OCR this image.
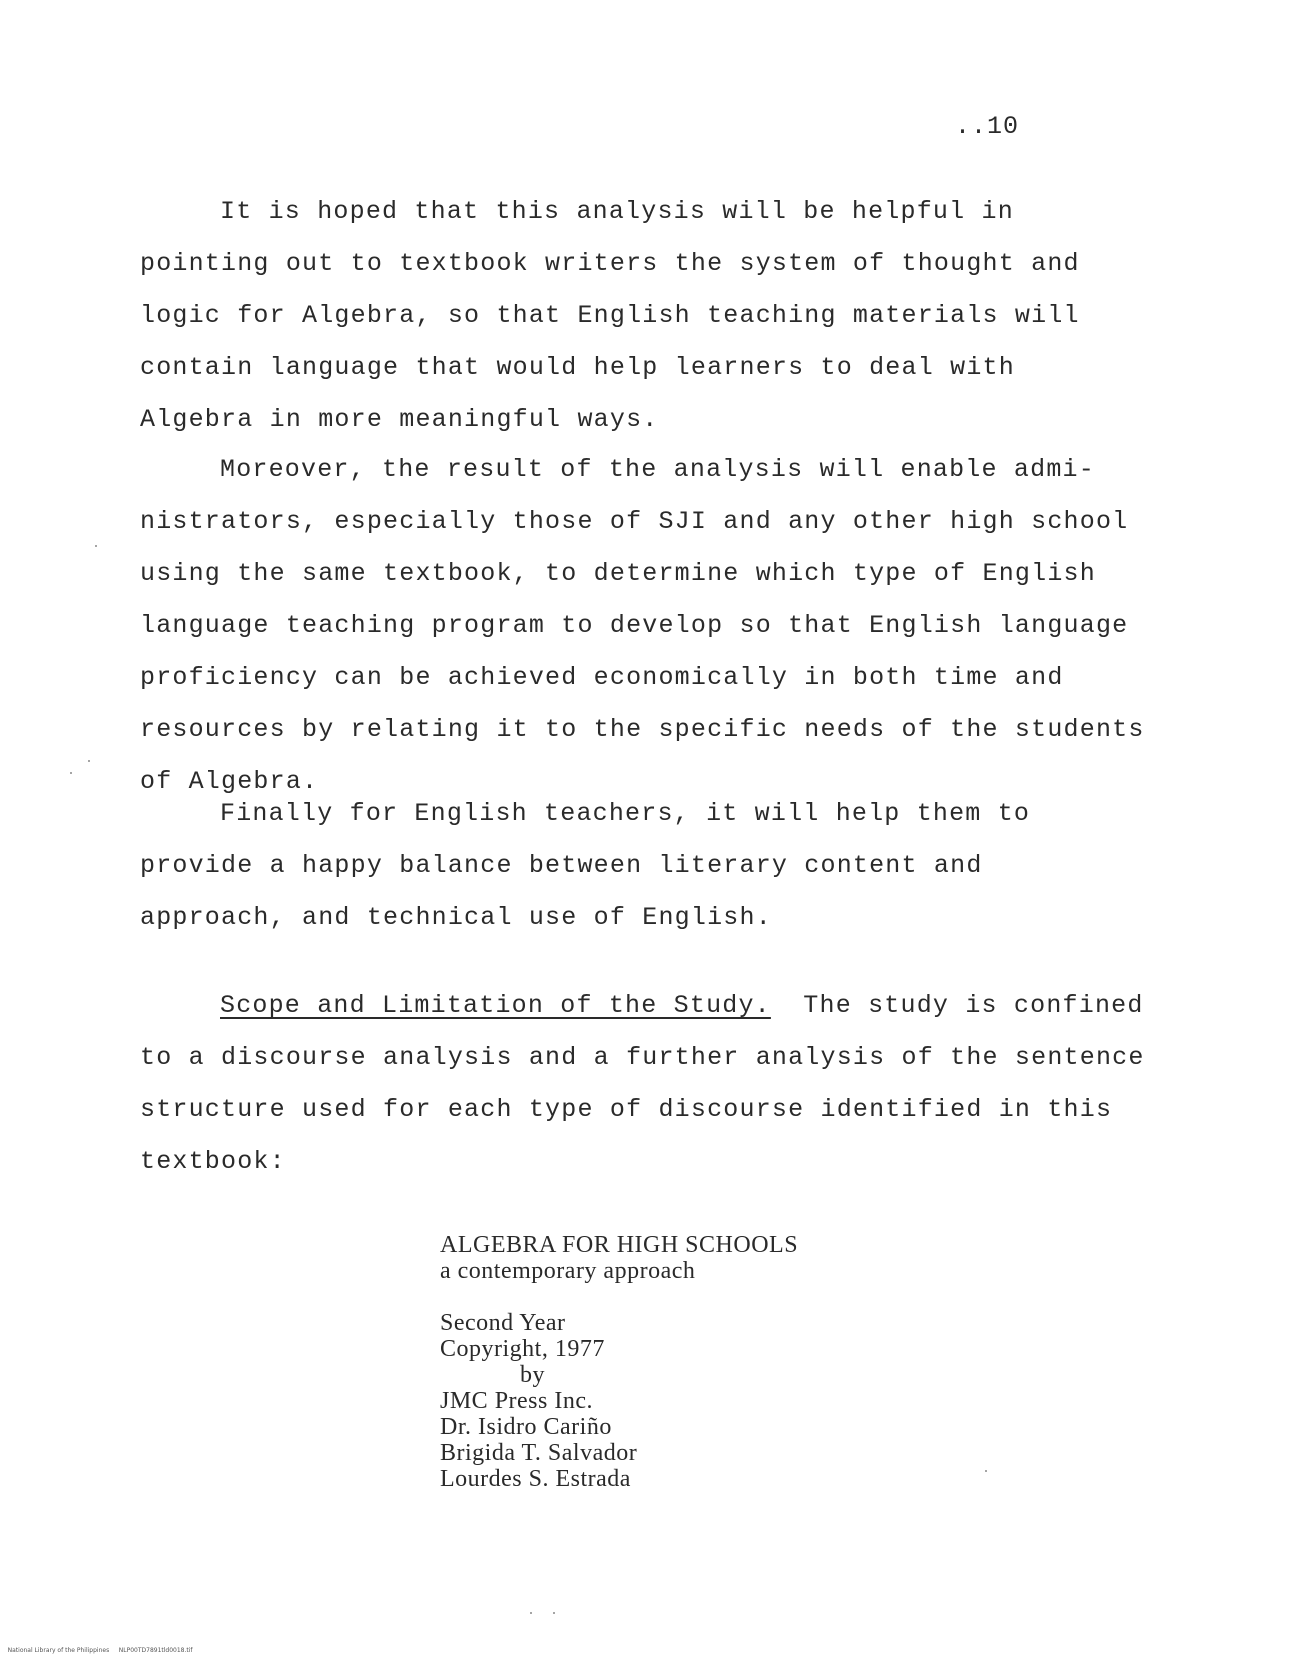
..10
It is hoped that this analysis will be helpful in
pointing out to textbook writers the system of thought and
logic for Algebra, so that English teaching materials will
contain language that would help learners to deal with
Algebra in more meaningful ways.
Moreover, the result of the analysis will enable admi-
nistrators, especially those of SJI and any other high school
using the same textbook, to determine which type of English
language teaching program to develop so that English language
proficiency can be achieved economically in both time and
resources by relating it to the specific needs of the students
of Algebra.
Finally for English teachers, it will help them to
provide a happy balance between literary content and
approach, and technical use of English.
Scope and Limitation of the Study.  The study is confined
to a discourse analysis and a further analysis of the sentence
structure used for each type of discourse identified in this
textbook:
ALGEBRA FOR HIGH SCHOOLS
a contemporary approach
Second Year
Copyright, 1977
by
JMC Press Inc.
Dr. Isidro Cariño
Brigida T. Salvador
Lourdes S. Estrada

National Library of the Philippines NLP00TD7891tld0018.tif
